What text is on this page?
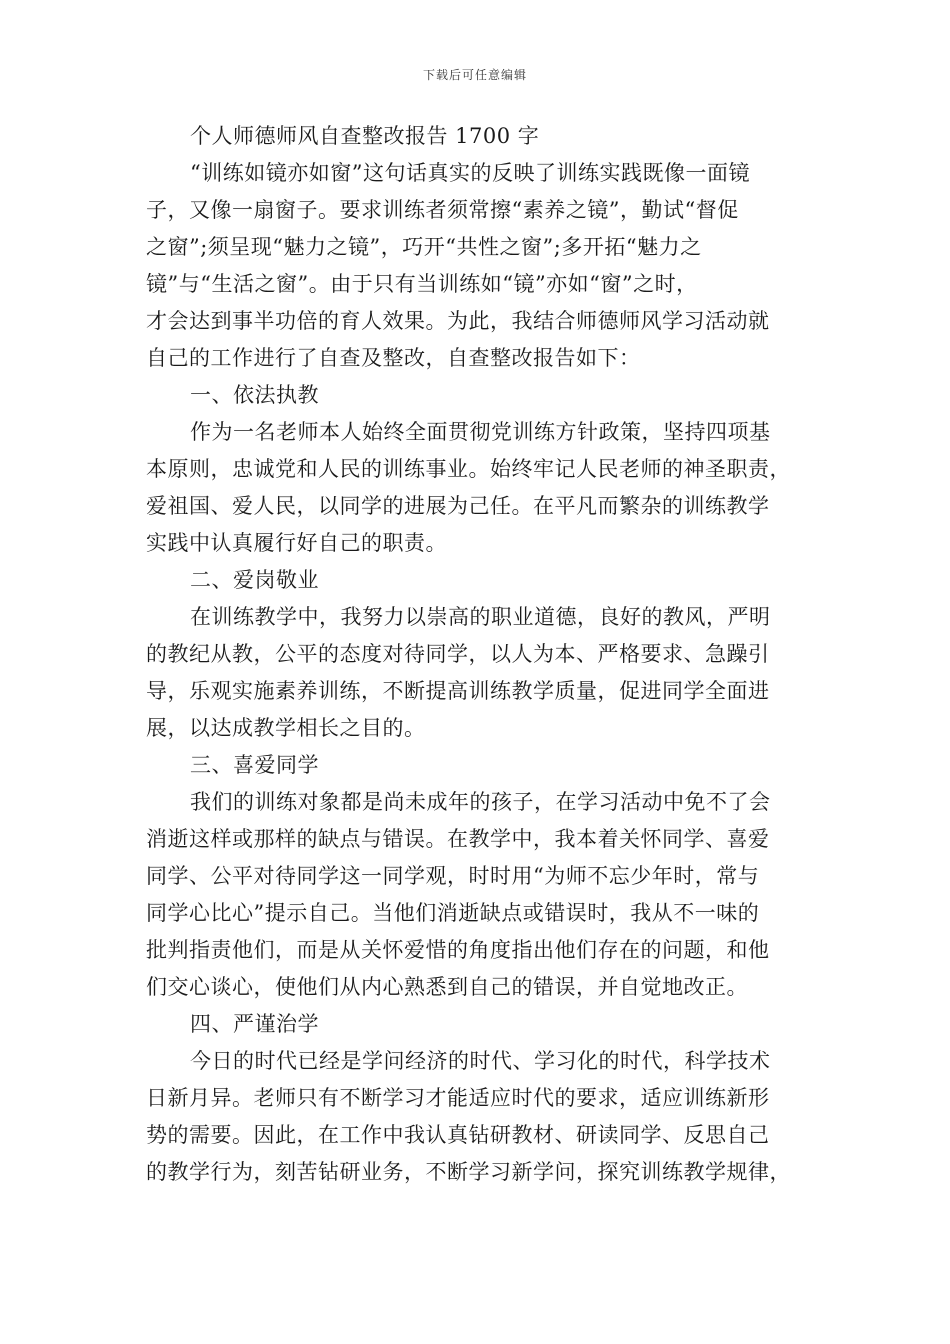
下载后可任意编辑
个人师德师风自查整改报告 1700 字
“训练如镜亦如窗”这句话真实的反映了训练实践既像一面镜
子，又像一扇窗子。要求训练者须常擦“素养之镜”，勤试“督促
之窗”;须呈现“魅力之镜”，巧开“共性之窗”;多开拓“魅力之
镜”与“生活之窗”。由于只有当训练如“镜”亦如“窗”之时，
才会达到事半功倍的育人效果。为此，我结合师德师风学习活动就
自己的工作进行了自查及整改，自查整改报告如下：
一、依法执教
作为一名老师本人始终全面贯彻党训练方针政策，坚持四项基
本原则，忠诚党和人民的训练事业。始终牢记人民老师的神圣职责，
爱祖国、爱人民，以同学的进展为己任。在平凡而繁杂的训练教学
实践中认真履行好自己的职责。
二、爱岗敬业
在训练教学中，我努力以崇高的职业道德，良好的教风，严明
的教纪从教，公平的态度对待同学，以人为本、严格要求、急躁引
导，乐观实施素养训练，不断提高训练教学质量，促进同学全面进
展，以达成教学相长之目的。
三、喜爱同学
我们的训练对象都是尚未成年的孩子，在学习活动中免不了会
消逝这样或那样的缺点与错误。在教学中，我本着关怀同学、喜爱
同学、公平对待同学这一同学观，时时用“为师不忘少年时，常与
同学心比心”提示自己。当他们消逝缺点或错误时，我从不一味的
批判指责他们，而是从关怀爱惜的角度指出他们存在的问题，和他
们交心谈心，使他们从内心熟悉到自己的错误，并自觉地改正。
四、严谨治学
今日的时代已经是学问经济的时代、学习化的时代，科学技术
日新月异。老师只有不断学习才能适应时代的要求，适应训练新形
势的需要。因此，在工作中我认真钻研教材、研读同学、反思自己
的教学行为，刻苦钻研业务，不断学习新学问，探究训练教学规律，
